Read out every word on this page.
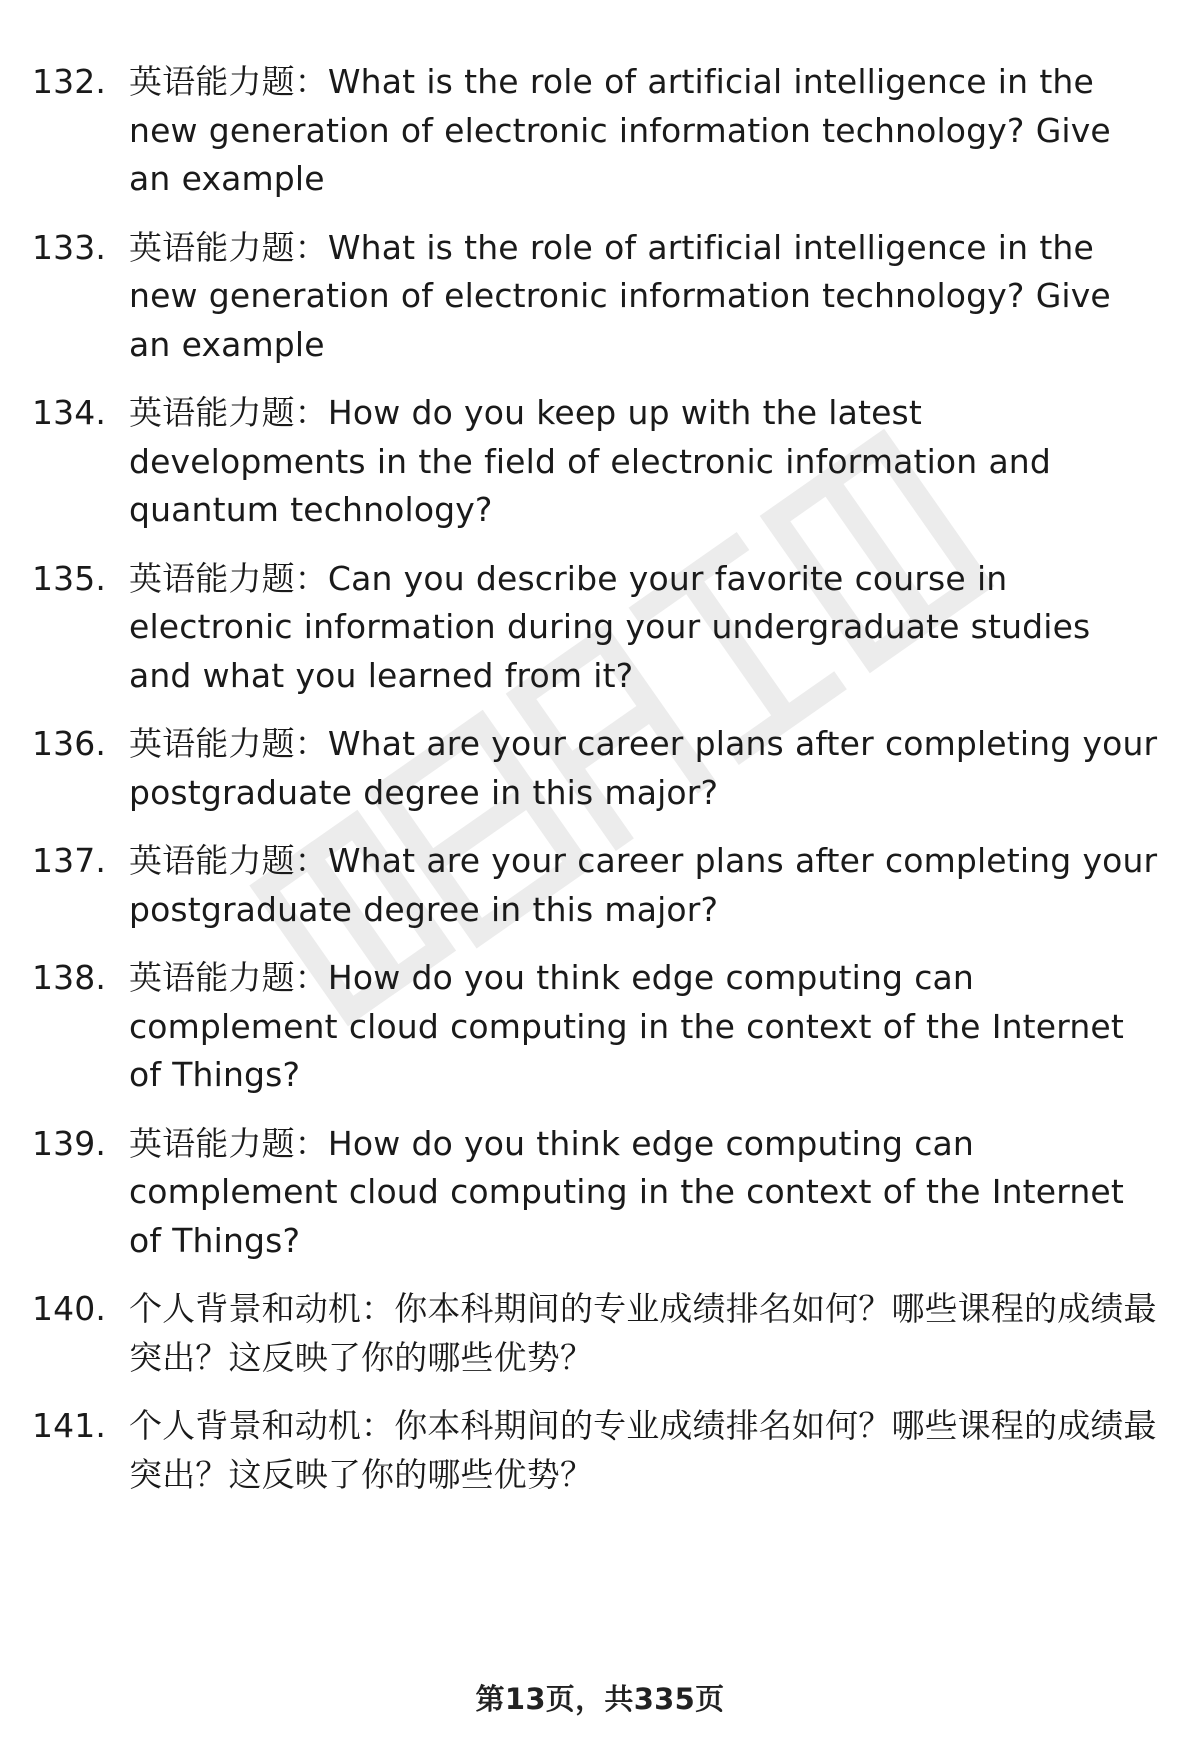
132. 英语能力题：What is the role of artificial intelligence in the new generation of electronic information technology? Give an example
133. 英语能力题：What is the role of artificial intelligence in the new generation of electronic information technology? Give an example
134. 英语能力题：How do you keep up with the latest developments in the field of electronic information and quantum technology?
135. 英语能力题：Can you describe your favorite course in electronic information during your undergraduate studies and what you learned from it?
136. 英语能力题：What are your career plans after completing your postgraduate degree in this major?
137. 英语能力题：What are your career plans after completing your postgraduate degree in this major?
138. 英语能力题：How do you think edge computing can complement cloud computing in the context of the Internet of Things?
139. 英语能力题：How do you think edge computing can complement cloud computing in the context of the Internet of Things?
140. 个人背景和动机：你本科期间的专业成绩排名如何？哪些课程的成绩最突出？这反映了你的哪些优势？
141. 个人背景和动机：你本科期间的专业成绩排名如何？哪些课程的成绩最突出？这反映了你的哪些优势？
第13页，共335页
